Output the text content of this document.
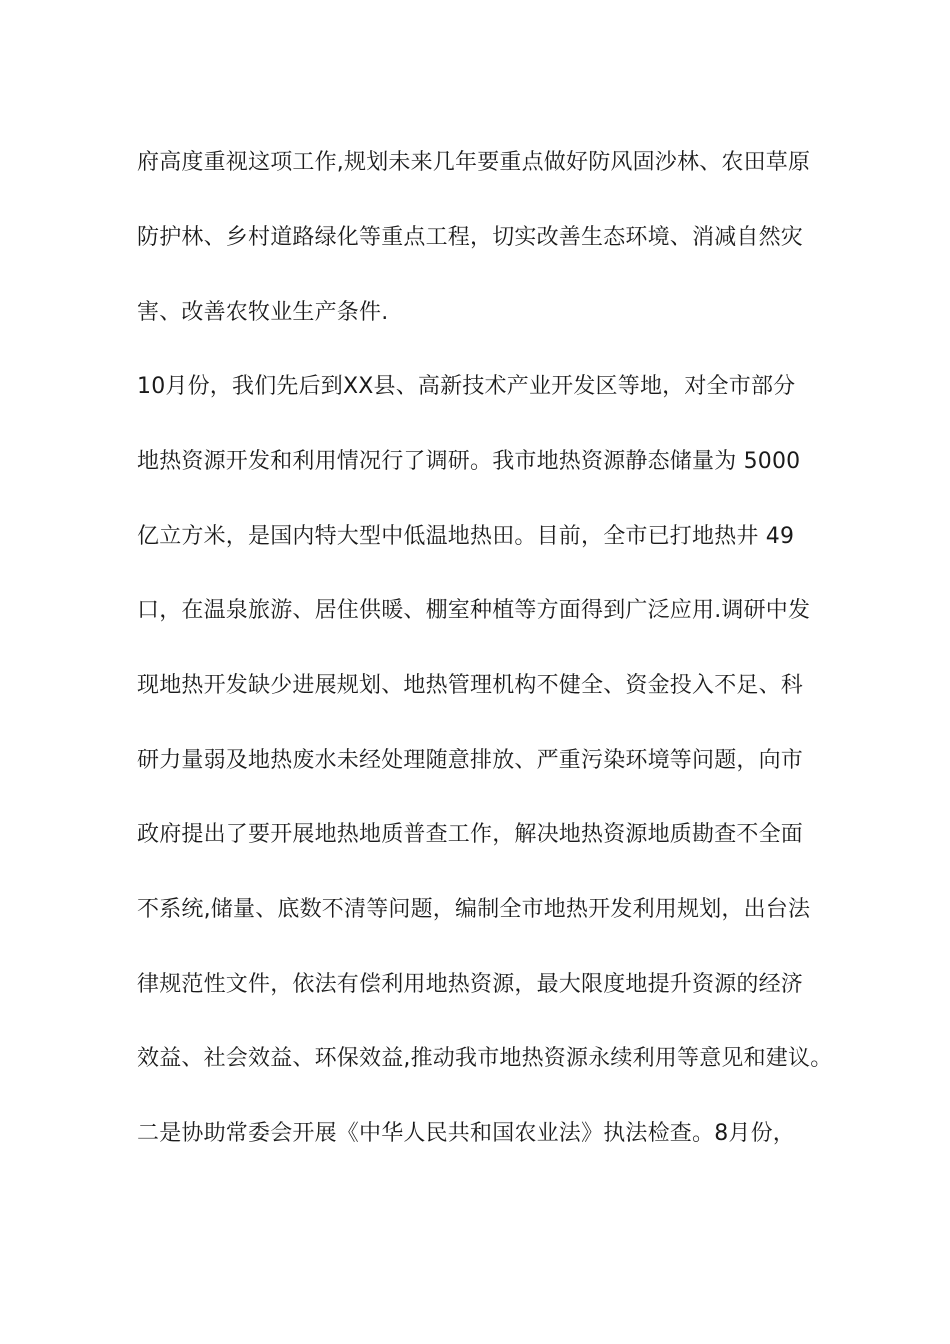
府高度重视这项工作,规划未来几年要重点做好防风固沙林、农田草原
防护林、乡村道路绿化等重点工程，切实改善生态环境、消减自然灾
害、改善农牧业生产条件.
10月份，我们先后到XX县、高新技术产业开发区等地，对全市部分
地热资源开发和利用情况行了调研。我市地热资源静态储量为 5000
亿立方米，是国内特大型中低温地热田。目前，全市已打地热井 49
口，在温泉旅游、居住供暖、棚室种植等方面得到广泛应用.调研中发
现地热开发缺少进展规划、地热管理机构不健全、资金投入不足、科
研力量弱及地热废水未经处理随意排放、严重污染环境等问题，向市
政府提出了要开展地热地质普查工作，解决地热资源地质勘查不全面
不系统,储量、底数不清等问题，编制全市地热开发利用规划，出台法
律规范性文件，依法有偿利用地热资源，最大限度地提升资源的经济
效益、社会效益、环保效益,推动我市地热资源永续利用等意见和建议。
二是协助常委会开展《中华人民共和国农业法》执法检查。8月份，
